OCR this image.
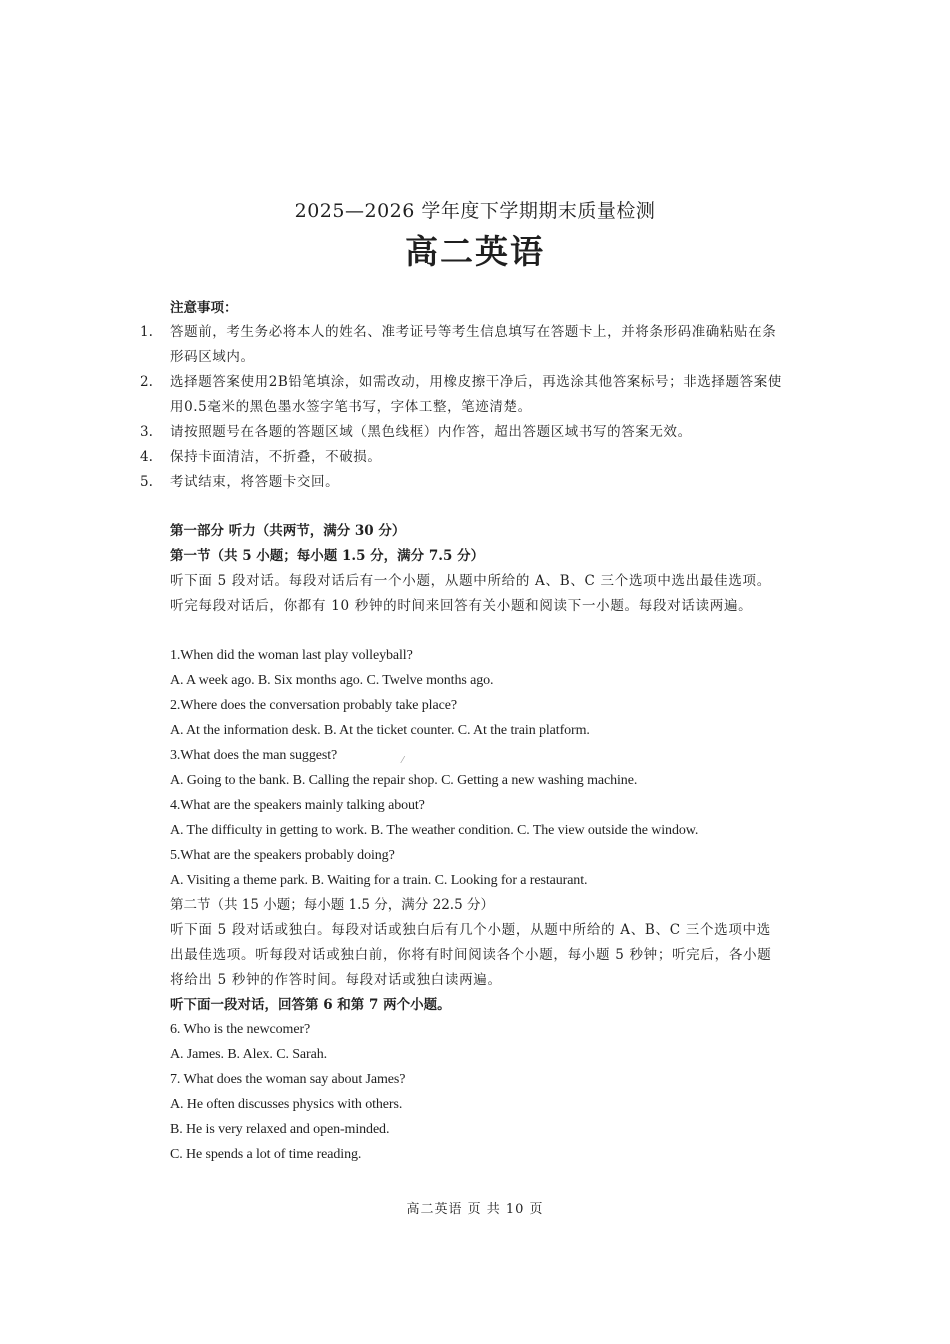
2025—2026 学年度下学期期末质量检测
高二英语
注意事项：
1.	答题前，考生务必将本人的姓名、准考证号等考生信息填写在答题卡上，并将条形码准确粘贴在条形码区域内。
2.	选择题答案使用2B铅笔填涂，如需改动，用橡皮擦干净后，再选涂其他答案标号；非选择题答案使用0.5毫米的黑色墨水签字笔书写，字体工整，笔迹清楚。
3.	请按照题号在各题的答题区域（黑色线框）内作答，超出答题区域书写的答案无效。
4.	保持卡面清洁，不折叠，不破损。
5.	考试结束，将答题卡交回。
第一部分 听力（共两节，满分 30 分）
第一节（共 5 小题；每小题 1.5 分，满分 7.5 分）
听下面 5 段对话。每段对话后有一个小题，从题中所给的 A、B、C 三个选项中选出最佳选项。听完每段对话后，你都有 10 秒钟的时间来回答有关小题和阅读下一小题。每段对话读两遍。
1.When did the woman last play volleyball?
A. A week ago. B. Six months ago. C. Twelve months ago.
2.Where does the conversation probably take place?
A. At the information desk. B. At the ticket counter. C. At the train platform.
3.What does the man suggest?
A. Going to the bank. B. Calling the repair shop. C. Getting a new washing machine.
4.What are the speakers mainly talking about?
A. The difficulty in getting to work. B. The weather condition. C. The view outside the window.
5.What are the speakers probably doing?
A. Visiting a theme park. B. Waiting for a train. C. Looking for a restaurant.
第二节（共 15 小题；每小题 1.5 分，满分 22.5 分）
听下面 5 段对话或独白。每段对话或独白后有几个小题，从题中所给的 A、B、C 三个选项中选出最佳选项。听每段对话或独白前，你将有时间阅读各个小题，每小题 5 秒钟；听完后，各小题将给出 5 秒钟的作答时间。每段对话或独白读两遍。
听下面一段对话，回答第 6 和第 7 两个小题。
6. Who is the newcomer?
A. James. B. Alex. C. Sarah.
7. What does the woman say about James?
A. He often discusses physics with others.
B. He is very relaxed and open-minded.
C. He spends a lot of time reading.
高二英语 页 共 10 页
⁄
